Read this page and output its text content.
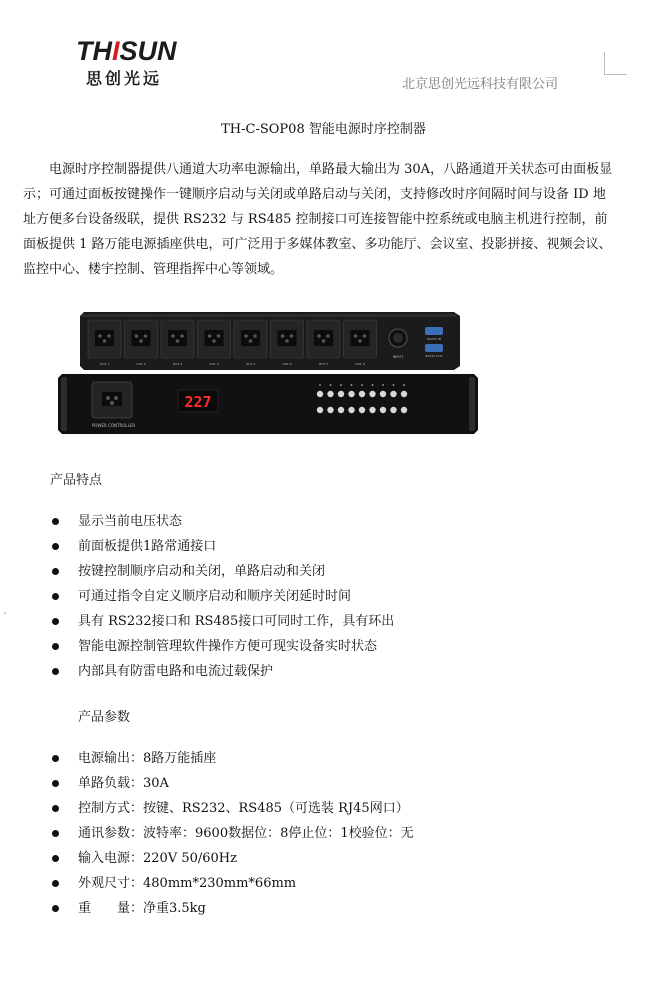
THISUN
思创光远	北京思创光远科技有限公司
TH-C-SOP08 智能电源时序控制器
电源时序控制器提供八通道大功率电源输出，单路最大输出为 30A，八路通道开关状态可由面板显示；可通过面板按键操作一键顺序启动与关闭或单路启动与关闭，支持修改时序间隔时间与设备 ID 地址方便多台设备级联，提供 RS232 与 RS485 控制接口可连接智能中控系统或电脑主机进行控制，前面板提供 1 路万能电源插座供电，可广泛用于多媒体教室、多功能厅、会议室、投影拼接、视频会议、监控中心、楼宇控制、管理指挥中心等领域。
INPUT
RS232 IN
RS232 OUT
OUT 1	OUT 2	OUT 3	OUT 4	OUT 5	OUT 6	OUT 7	OUT 8
POWER CONTROLLER
227
产品特点
显示当前电压状态
前面板提供1路常通接口
按键控制顺序启动和关闭，单路启动和关闭
可通过指令自定义顺序启动和顺序关闭延时时间
具有 RS232接口和 RS485接口可同时工作，具有环出
智能电源控制管理软件操作方便可现实设备实时状态
内部具有防雷电路和电流过载保护
产品参数
电源输出：8路万能插座
单路负载：30A
控制方式：按键、RS232、RS485（可选装 RJ45网口）
通讯参数：波特率：9600数据位：8停止位：1校验位：无
输入电源：220V 50/60Hz
外观尺寸：480mm*230mm*66mm
重　　量：净重3.5kg
ˇ
